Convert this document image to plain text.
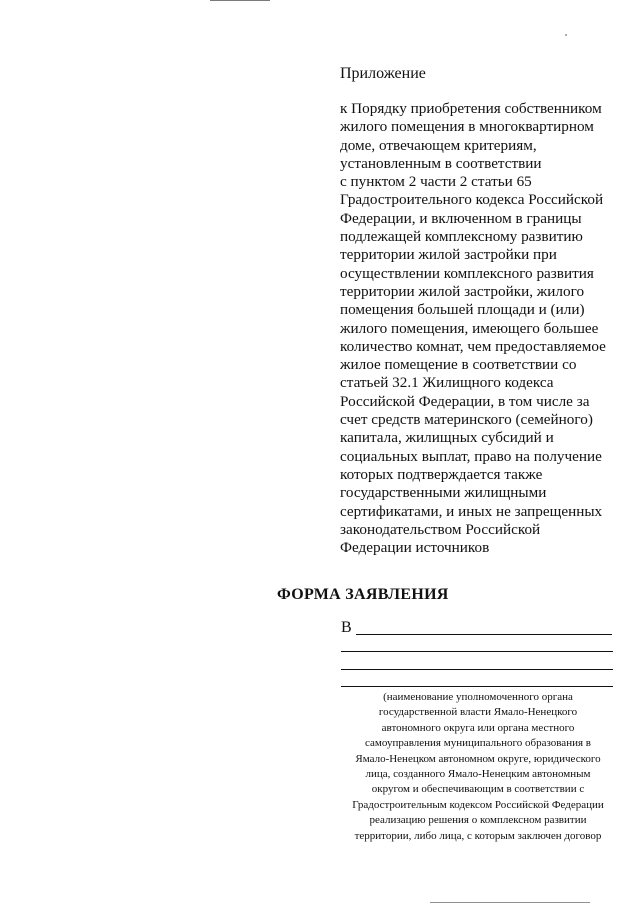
Приложение
к Порядку приобретения собственником
жилого помещения в многоквартирном
доме, отвечающем критериям,
установленным в соответствии
с пунктом 2 части 2 статьи 65
Градостроительного кодекса Российской
Федерации, и включенном в границы
подлежащей комплексному развитию
территории жилой застройки при
осуществлении комплексного развития
территории жилой застройки, жилого
помещения большей площади и (или)
жилого помещения, имеющего большее
количество комнат, чем предоставляемое
жилое помещение в соответствии со
статьей 32.1 Жилищного кодекса
Российской Федерации, в том числе за
счет средств материнского (семейного)
капитала, жилищных субсидий и
социальных выплат, право на получение
которых подтверждается также
государственными жилищными
сертификатами, и иных не запрещенных
законодательством Российской
Федерации источников
ФОРМА ЗАЯВЛЕНИЯ
В
(наименование уполномоченного органа
государственной власти Ямало-Ненецкого
автономного округа или органа местного
самоуправления муниципального образования в
Ямало-Ненецком автономном округе, юридического
лица, созданного Ямало-Ненецким автономным
округом и обеспечивающим в соответствии с
Градостроительным кодексом Российской Федерации
реализацию решения о комплексном развитии
территории, либо лица, с которым заключен договор
